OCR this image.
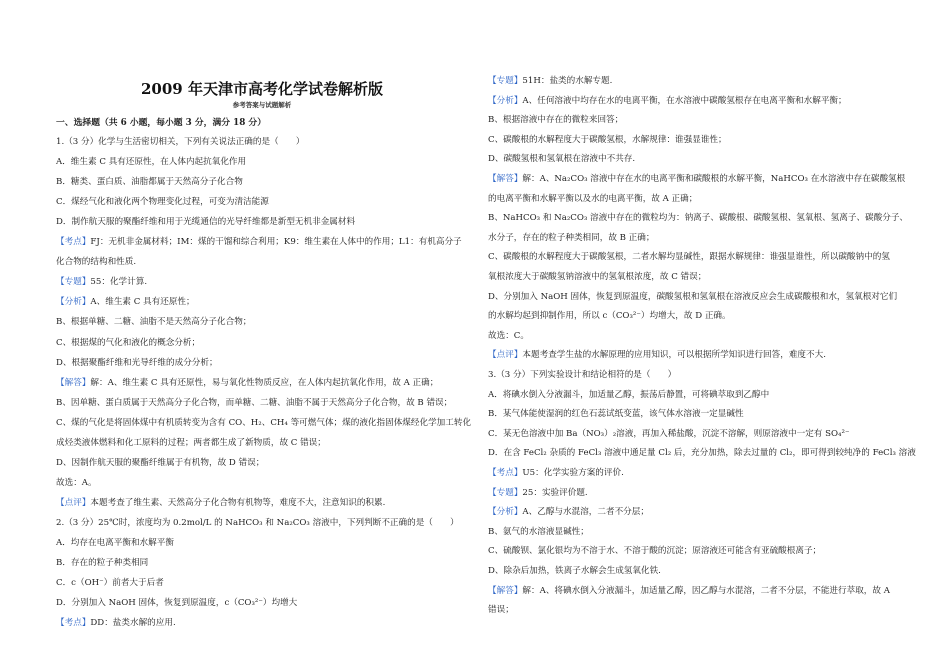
2009 年天津市高考化学试卷解析版
参考答案与试题解析
一、选择题（共 6 小题，每小题 3 分，满分 18 分）
1.（3 分）化学与生活密切相关，下列有关说法正确的是（　　）
A．维生素 C 具有还原性，在人体内起抗氧化作用
B．糖类、蛋白质、油脂都属于天然高分子化合物
C．煤经气化和液化两个物理变化过程，可变为清洁能源
D．制作航天服的聚酯纤维和用于光缆通信的光导纤维都是新型无机非金属材料
【考点】FJ：无机非金属材料；IM：煤的干馏和综合利用；K9：维生素在人体中的作用；L1：有机高分子
化合物的结构和性质.
【专题】55：化学计算.
【分析】A、维生素 C 具有还原性；
B、根据单糖、二糖、油脂不是天然高分子化合物；
C、根据煤的气化和液化的概念分析；
D、根据聚酯纤维和光导纤维的成分分析；
【解答】解：A、维生素 C 具有还原性，易与氧化性物质反应，在人体内起抗氧化作用，故 A 正确；
B、因单糖、蛋白质属于天然高分子化合物，而单糖、二糖、油脂不属于天然高分子化合物，故 B 错误；
C、煤的气化是将固体煤中有机质转变为含有 CO、H₂、CH₄ 等可燃气体；煤的液化指固体煤经化学加工转化
成烃类液体燃料和化工原料的过程；两者都生成了新物质，故 C 错误；
D、因制作航天服的聚酯纤维属于有机物，故 D 错误；
故选：A。
【点评】本题考查了维生素、天然高分子化合物有机物等，难度不大，注意知识的积累.
2.（3 分）25℃时，浓度均为 0.2mol/L 的 NaHCO₃ 和 Na₂CO₃ 溶液中，下列判断不正确的是（　　）
A．均存在电离平衡和水解平衡
B．存在的粒子种类相同
C．c（OH⁻）前者大于后者
D．分别加入 NaOH 固体，恢复到原温度，c（CO₃²⁻）均增大
【考点】DD：盐类水解的应用.
【专题】51H：盐类的水解专题.
【分析】A、任何溶液中均存在水的电离平衡，在水溶液中碳酸氢根存在电离平衡和水解平衡；
B、根据溶液中存在的微粒来回答；
C、碳酸根的水解程度大于碳酸氢根，水解规律：谁强显谁性；
D、碳酸氢根和氢氧根在溶液中不共存.
【解答】解：A、Na₂CO₃ 溶液中存在水的电离平衡和碳酸根的水解平衡，NaHCO₃ 在水溶液中存在碳酸氢根
的电离平衡和水解平衡以及水的电离平衡，故 A 正确；
B、NaHCO₃ 和 Na₂CO₃ 溶液中存在的微粒均为：钠离子、碳酸根、碳酸氢根、氢氧根、氢离子、碳酸分子、
水分子，存在的粒子种类相同，故 B 正确；
C、碳酸根的水解程度大于碳酸氢根，二者水解均显碱性，跟据水解规律：谁强显谁性，所以碳酸钠中的氢
氧根浓度大于碳酸氢钠溶液中的氢氧根浓度，故 C 错误；
D、分别加入 NaOH 固体，恢复到原温度，碳酸氢根和氢氧根在溶液反应会生成碳酸根和水，氢氧根对它们
的水解均起到抑制作用，所以 c（CO₃²⁻）均增大，故 D 正确。
故选：C。
【点评】本题考查学生盐的水解原理的应用知识，可以根据所学知识进行回答，难度不大.
3.（3 分）下列实验设计和结论相符的是（　　）
A．将碘水倒入分液漏斗，加适量乙醇，振荡后静置，可将碘萃取到乙醇中
B．某气体能使湿润的红色石蕊试纸变蓝，该气体水溶液一定显碱性
C．某无色溶液中加 Ba（NO₃）₂溶液，再加入稀盐酸，沉淀不溶解，则原溶液中一定有 SO₄²⁻
D．在含 FeCl₂ 杂质的 FeCl₃ 溶液中通足量 Cl₂ 后，充分加热，除去过量的 Cl₂，即可得到较纯净的 FeCl₃ 溶液
【考点】U5：化学实验方案的评价.
【专题】25：实验评价题.
【分析】A、乙醇与水混溶，二者不分层；
B、氨气的水溶液显碱性；
C、硫酸钡、氯化银均为不溶于水、不溶于酸的沉淀；原溶液还可能含有亚硫酸根离子；
D、除杂后加热，铁离子水解会生成氢氧化铁.
【解答】解：A、将碘水倒入分液漏斗，加适量乙醇，因乙醇与水混溶，二者不分层，不能进行萃取，故 A
错误；
